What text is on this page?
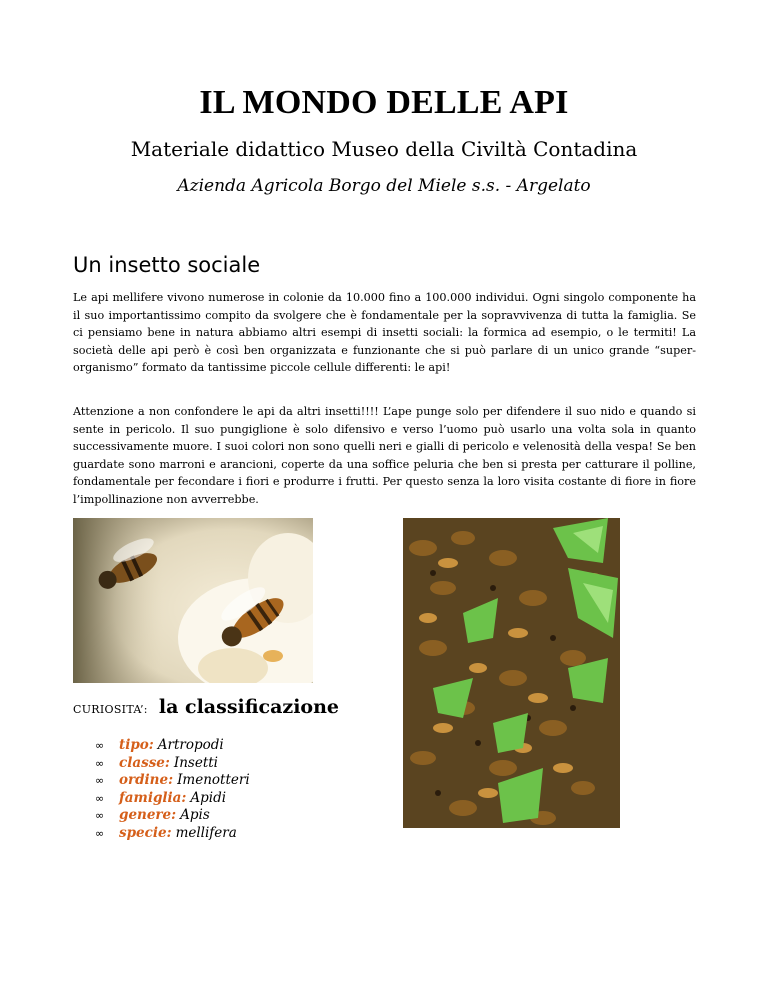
IL MONDO DELLE API

Materiale didattico Museo della Civiltà Contadina

Azienda Agricola Borgo del Miele s.s. - Argelato

Un insetto sociale

Le api mellifere vivono numerose in colonie da 10.000 fino a 100.000 individui. Ogni singolo componente ha il suo importantissimo compito da svolgere che è fondamentale per la sopravvivenza di tutta la famiglia. Se ci pensiamo bene in natura abbiamo altri esempi di insetti sociali: la formica ad esempio, o le termiti! La società delle api però è così ben organizzata e funzionante che si può parlare di un unico grande “super-organismo” formato da tantissime piccole cellule differenti: le api!

Attenzione a non confondere le api da altri insetti!!!! L’ape punge solo per difendere il suo nido e quando si sente in pericolo. Il suo pungiglione è solo difensivo e verso l’uomo può usarlo una volta sola in quanto successivamente muore. I suoi colori non sono quelli neri e gialli di pericolo e velenosità della vespa! Se ben guardate sono marroni e arancioni, coperte da una soffice peluria che ben si presta per catturare il polline, fondamentale per fecondare i fiori e produrre i frutti. Per questo senza la loro visita costante di fiore in fiore l’impollinazione non avverrebbe.

CURIOSITA’: la classificazione

∞ tipo: Artropodi
∞ classe: Insetti
∞ ordine: Imenotteri
∞ famiglia: Apidi
∞ genere: Apis
∞ specie: mellifera
